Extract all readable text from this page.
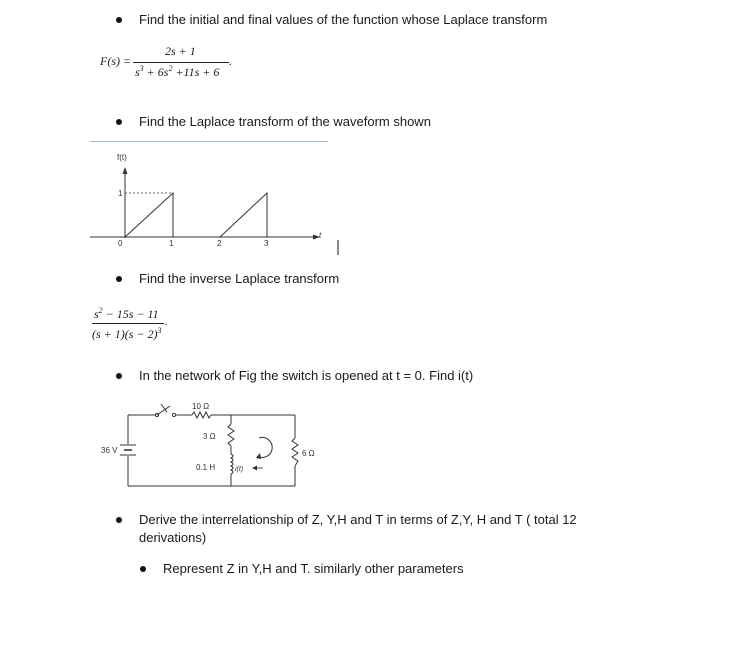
Find the initial and final values of the function whose Laplace transform
F(s) =
2s + 1
$s^3 + 6s^2 +11s + 6$
.
Find the Laplace transform of the waveform shown
f(t)
t
1
0	1	2	3
Find the inverse Laplace transform
$s^2 - 15s - 11$
$(s + 1)(s - 2)^3$
.
In the network of Fig the switch is opened at t = 0. Find i(t)
10 Ω
3 Ω
6 Ω
0.1 H
36 V
i(t)
Derive the interrelationship of Z, Y,H and T in terms of Z,Y, H and T ( total 12
derivations)
Represent Z in Y,H and T. similarly other parameters
